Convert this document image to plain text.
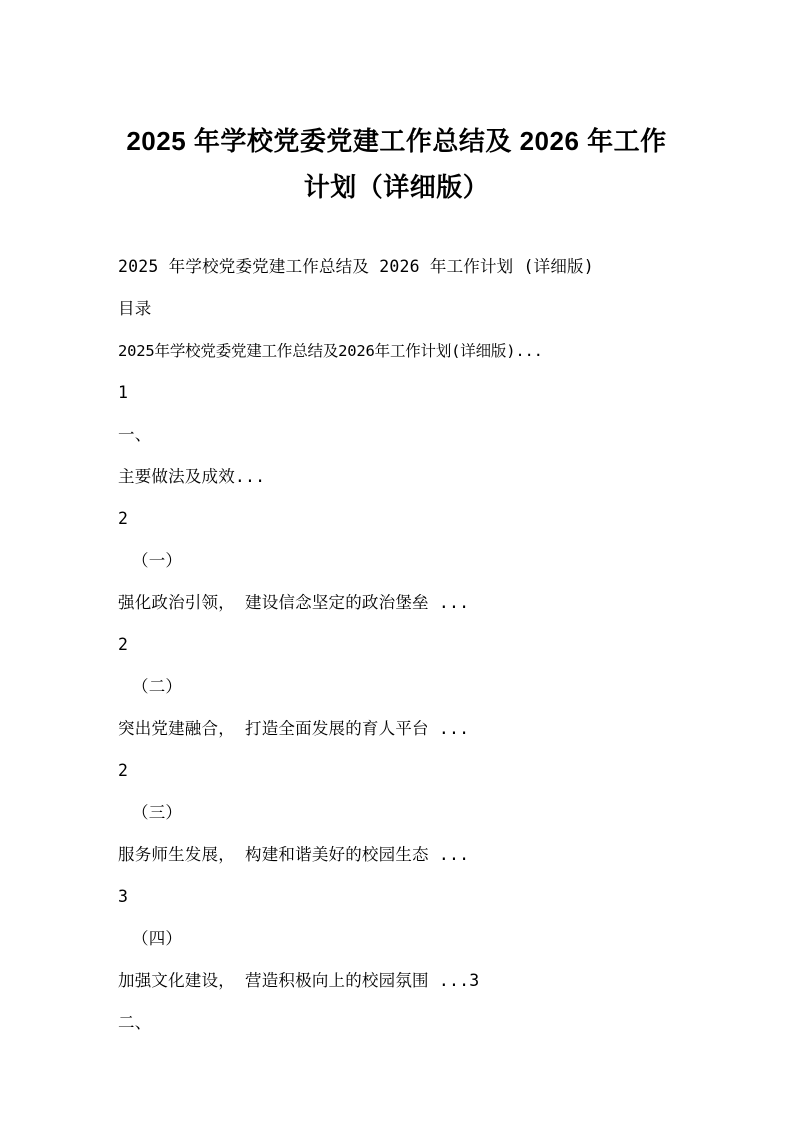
2025 年学校党委党建工作总结及 2026 年工作计划（详细版）
2025 年学校党委党建工作总结及 2026 年工作计划 (详细版)
目录
2025年学校党委党建工作总结及2026年工作计划(详细版)...
1
一、
主要做法及成效...
2
（一）
强化政治引领， 建设信念坚定的政治堡垒 ...
2
（二）
突出党建融合， 打造全面发展的育人平台 ...
2
（三）
服务师生发展， 构建和谐美好的校园生态 ...
3
（四）
加强文化建设， 营造积极向上的校园氛围 ...3
二、
